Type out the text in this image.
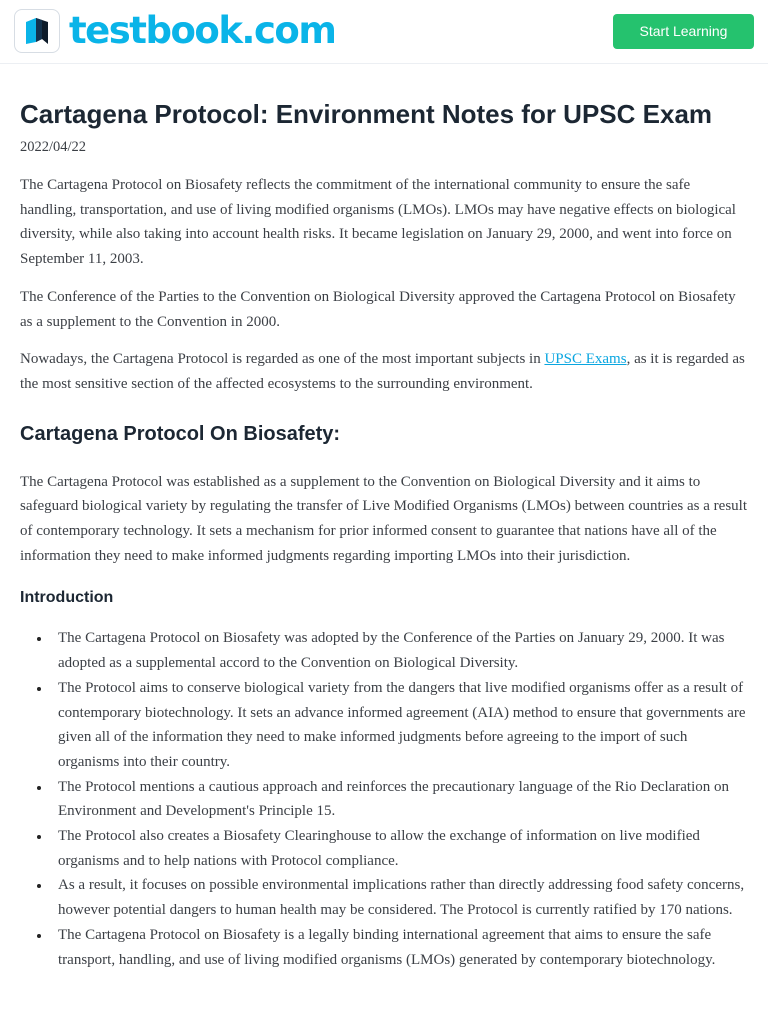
testbook.com	Start Learning
Cartagena Protocol: Environment Notes for UPSC Exam
2022/04/22

The Cartagena Protocol on Biosafety reflects the commitment of the international community to ensure the safe handling, transportation, and use of living modified organisms (LMOs). LMOs may have negative effects on biological diversity, while also taking into account health risks. It became legislation on January 29, 2000, and went into force on September 11, 2003.

The Conference of the Parties to the Convention on Biological Diversity approved the Cartagena Protocol on Biosafety as a supplement to the Convention in 2000.

Nowadays, the Cartagena Protocol is regarded as one of the most important subjects in UPSC Exams, as it is regarded as the most sensitive section of the affected ecosystems to the surrounding environment.

Cartagena Protocol On Biosafety:

The Cartagena Protocol was established as a supplement to the Convention on Biological Diversity and it aims to safeguard biological variety by regulating the transfer of Live Modified Organisms (LMOs) between countries as a result of contemporary technology. It sets a mechanism for prior informed consent to guarantee that nations have all of the information they need to make informed judgments regarding importing LMOs into their jurisdiction.

Introduction
The Cartagena Protocol on Biosafety was adopted by the Conference of the Parties on January 29, 2000. It was adopted as a supplemental accord to the Convention on Biological Diversity.
The Protocol aims to conserve biological variety from the dangers that live modified organisms offer as a result of contemporary biotechnology. It sets an advance informed agreement (AIA) method to ensure that governments are given all of the information they need to make informed judgments before agreeing to the import of such organisms into their country.
The Protocol mentions a cautious approach and reinforces the precautionary language of the Rio Declaration on Environment and Development's Principle 15.
The Protocol also creates a Biosafety Clearinghouse to allow the exchange of information on live modified organisms and to help nations with Protocol compliance.
As a result, it focuses on possible environmental implications rather than directly addressing food safety concerns, however potential dangers to human health may be considered. The Protocol is currently ratified by 170 nations.
The Cartagena Protocol on Biosafety is a legally binding international agreement that aims to ensure the safe transport, handling, and use of living modified organisms (LMOs) generated by contemporary biotechnology.
